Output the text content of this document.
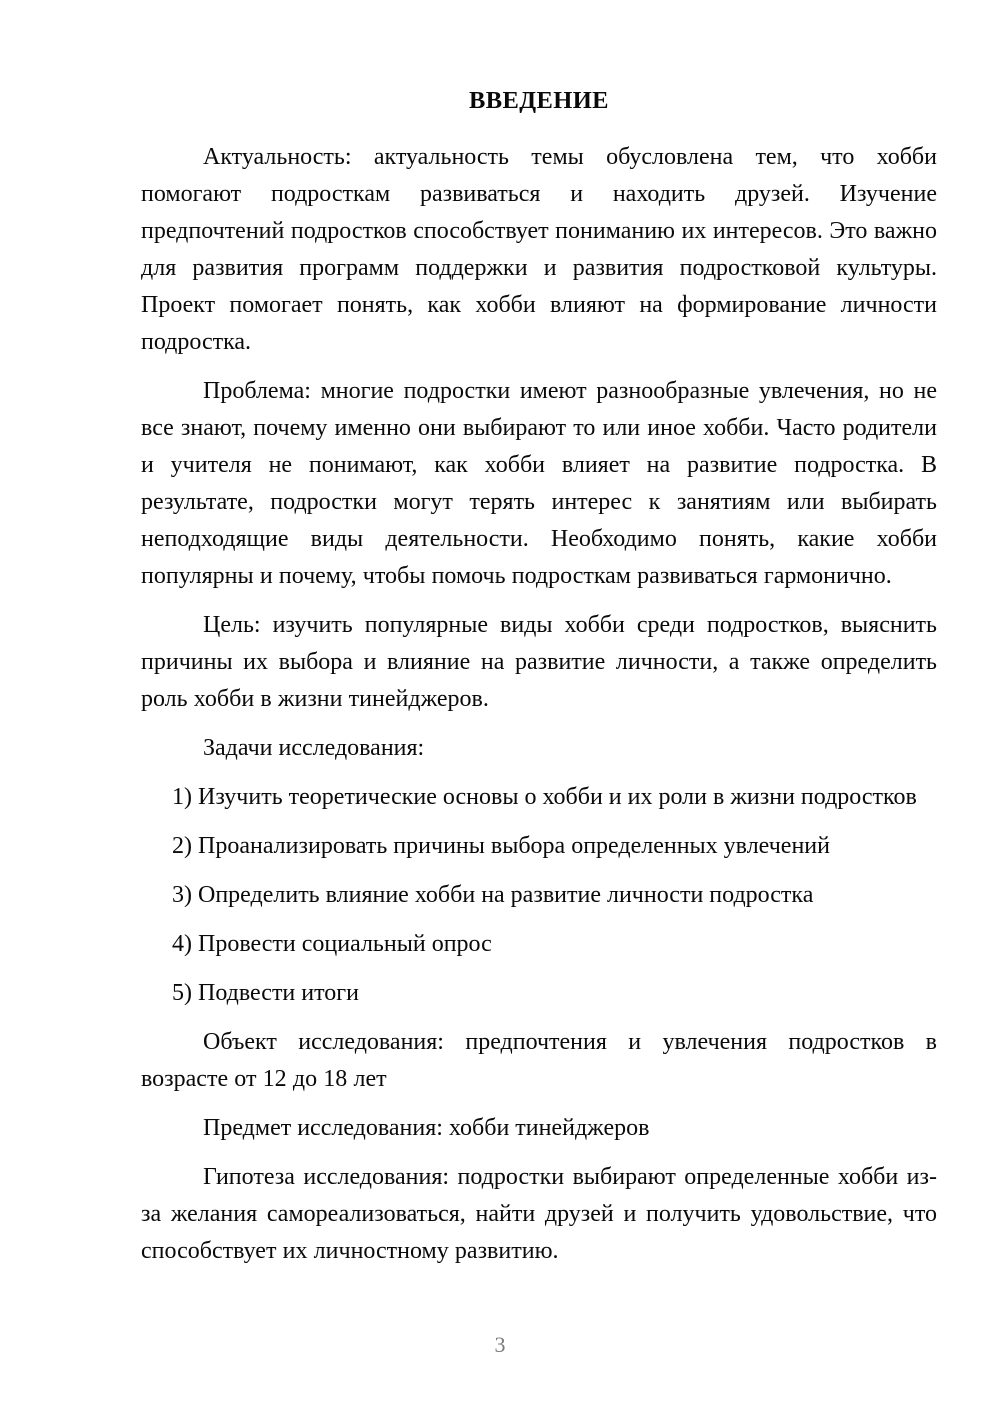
ВВЕДЕНИЕ

Актуальность: актуальность темы обусловлена тем, что хобби помогают подросткам развиваться и находить друзей. Изучение предпочтений подростков способствует пониманию их интересов. Это важно для развития программ поддержки и развития подростковой культуры. Проект помогает понять, как хобби влияют на формирование личности подростка.

Проблема: многие подростки имеют разнообразные увлечения, но не все знают, почему именно они выбирают то или иное хобби. Часто родители и учителя не понимают, как хобби влияет на развитие подростка. В результате, подростки могут терять интерес к занятиям или выбирать неподходящие виды деятельности. Необходимо понять, какие хобби популярны и почему, чтобы помочь подросткам развиваться гармонично.

Цель: изучить популярные виды хобби среди подростков, выяснить причины их выбора и влияние на развитие личности, а также определить роль хобби в жизни тинейджеров.

Задачи исследования:

1) Изучить теоретические основы о хобби и их роли в жизни подростков

2) Проанализировать причины выбора определенных увлечений

3) Определить влияние хобби на развитие личности подростка

4) Провести социальный опрос

5) Подвести итоги

Объект исследования: предпочтения и увлечения подростков в возрасте от 12 до 18 лет

Предмет исследования: хобби тинейджеров

Гипотеза исследования: подростки выбирают определенные хобби из-за желания самореализоваться, найти друзей и получить удовольствие, что способствует их личностному развитию.

3
